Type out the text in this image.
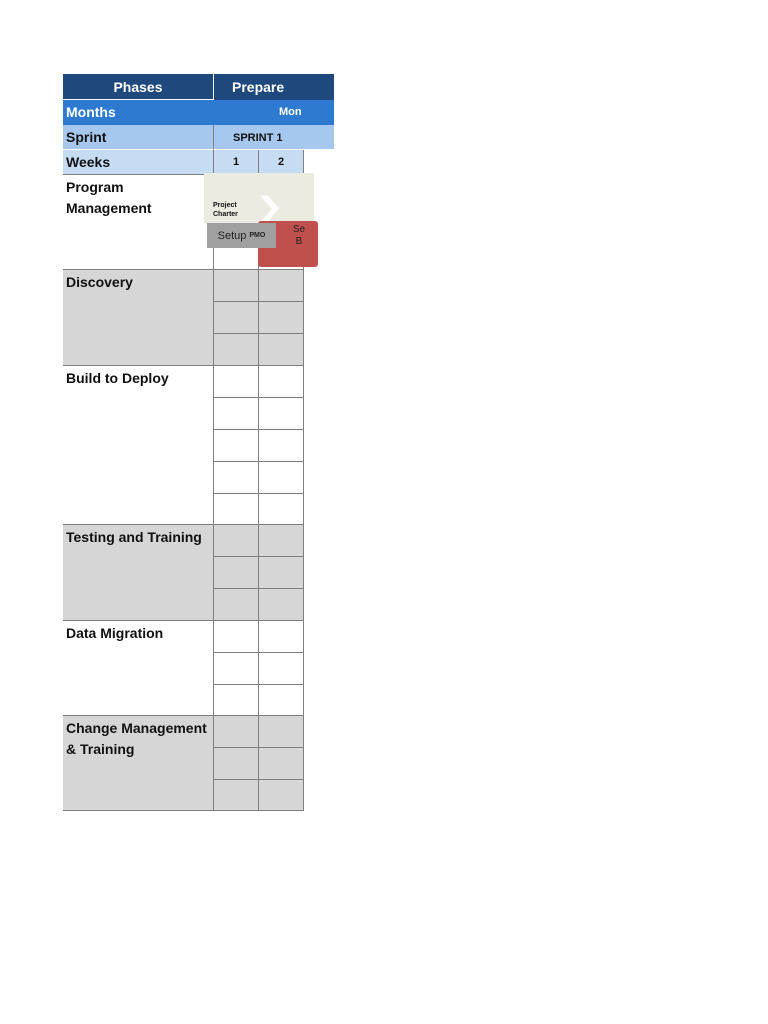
Phases	Prepare
Months	Mon
Sprint	SPRINT 1
Weeks	1	2
Program Management
Discovery
Build to Deploy
Testing and Training
Data Migration
Change Management & Training
Project Charter
Se B
Setup PMO
